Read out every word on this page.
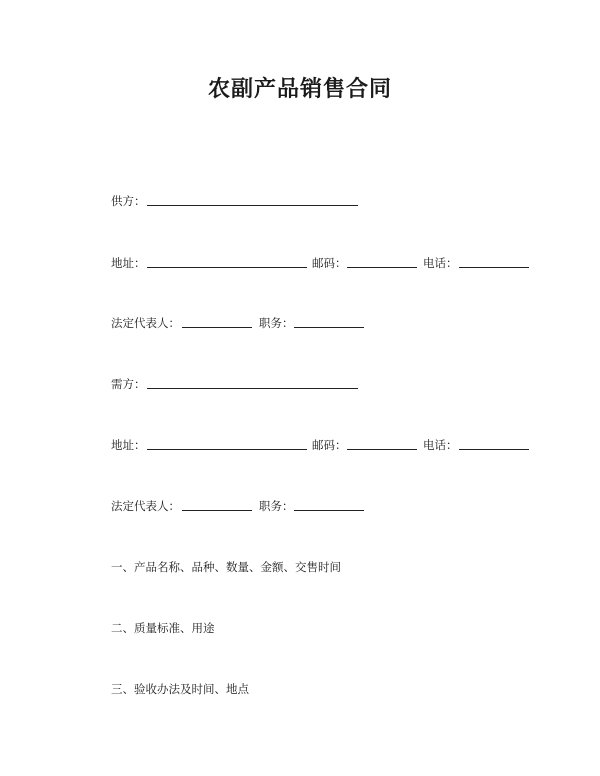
农副产品销售合同
供方：
地址：	邮码：	电话：
法定代表人：	职务：
需方：
地址：	邮码：	电话：
法定代表人：	职务：
一、产品名称、品种、数量、金额、交售时间
二、质量标准、用途
三、验收办法及时间、地点
